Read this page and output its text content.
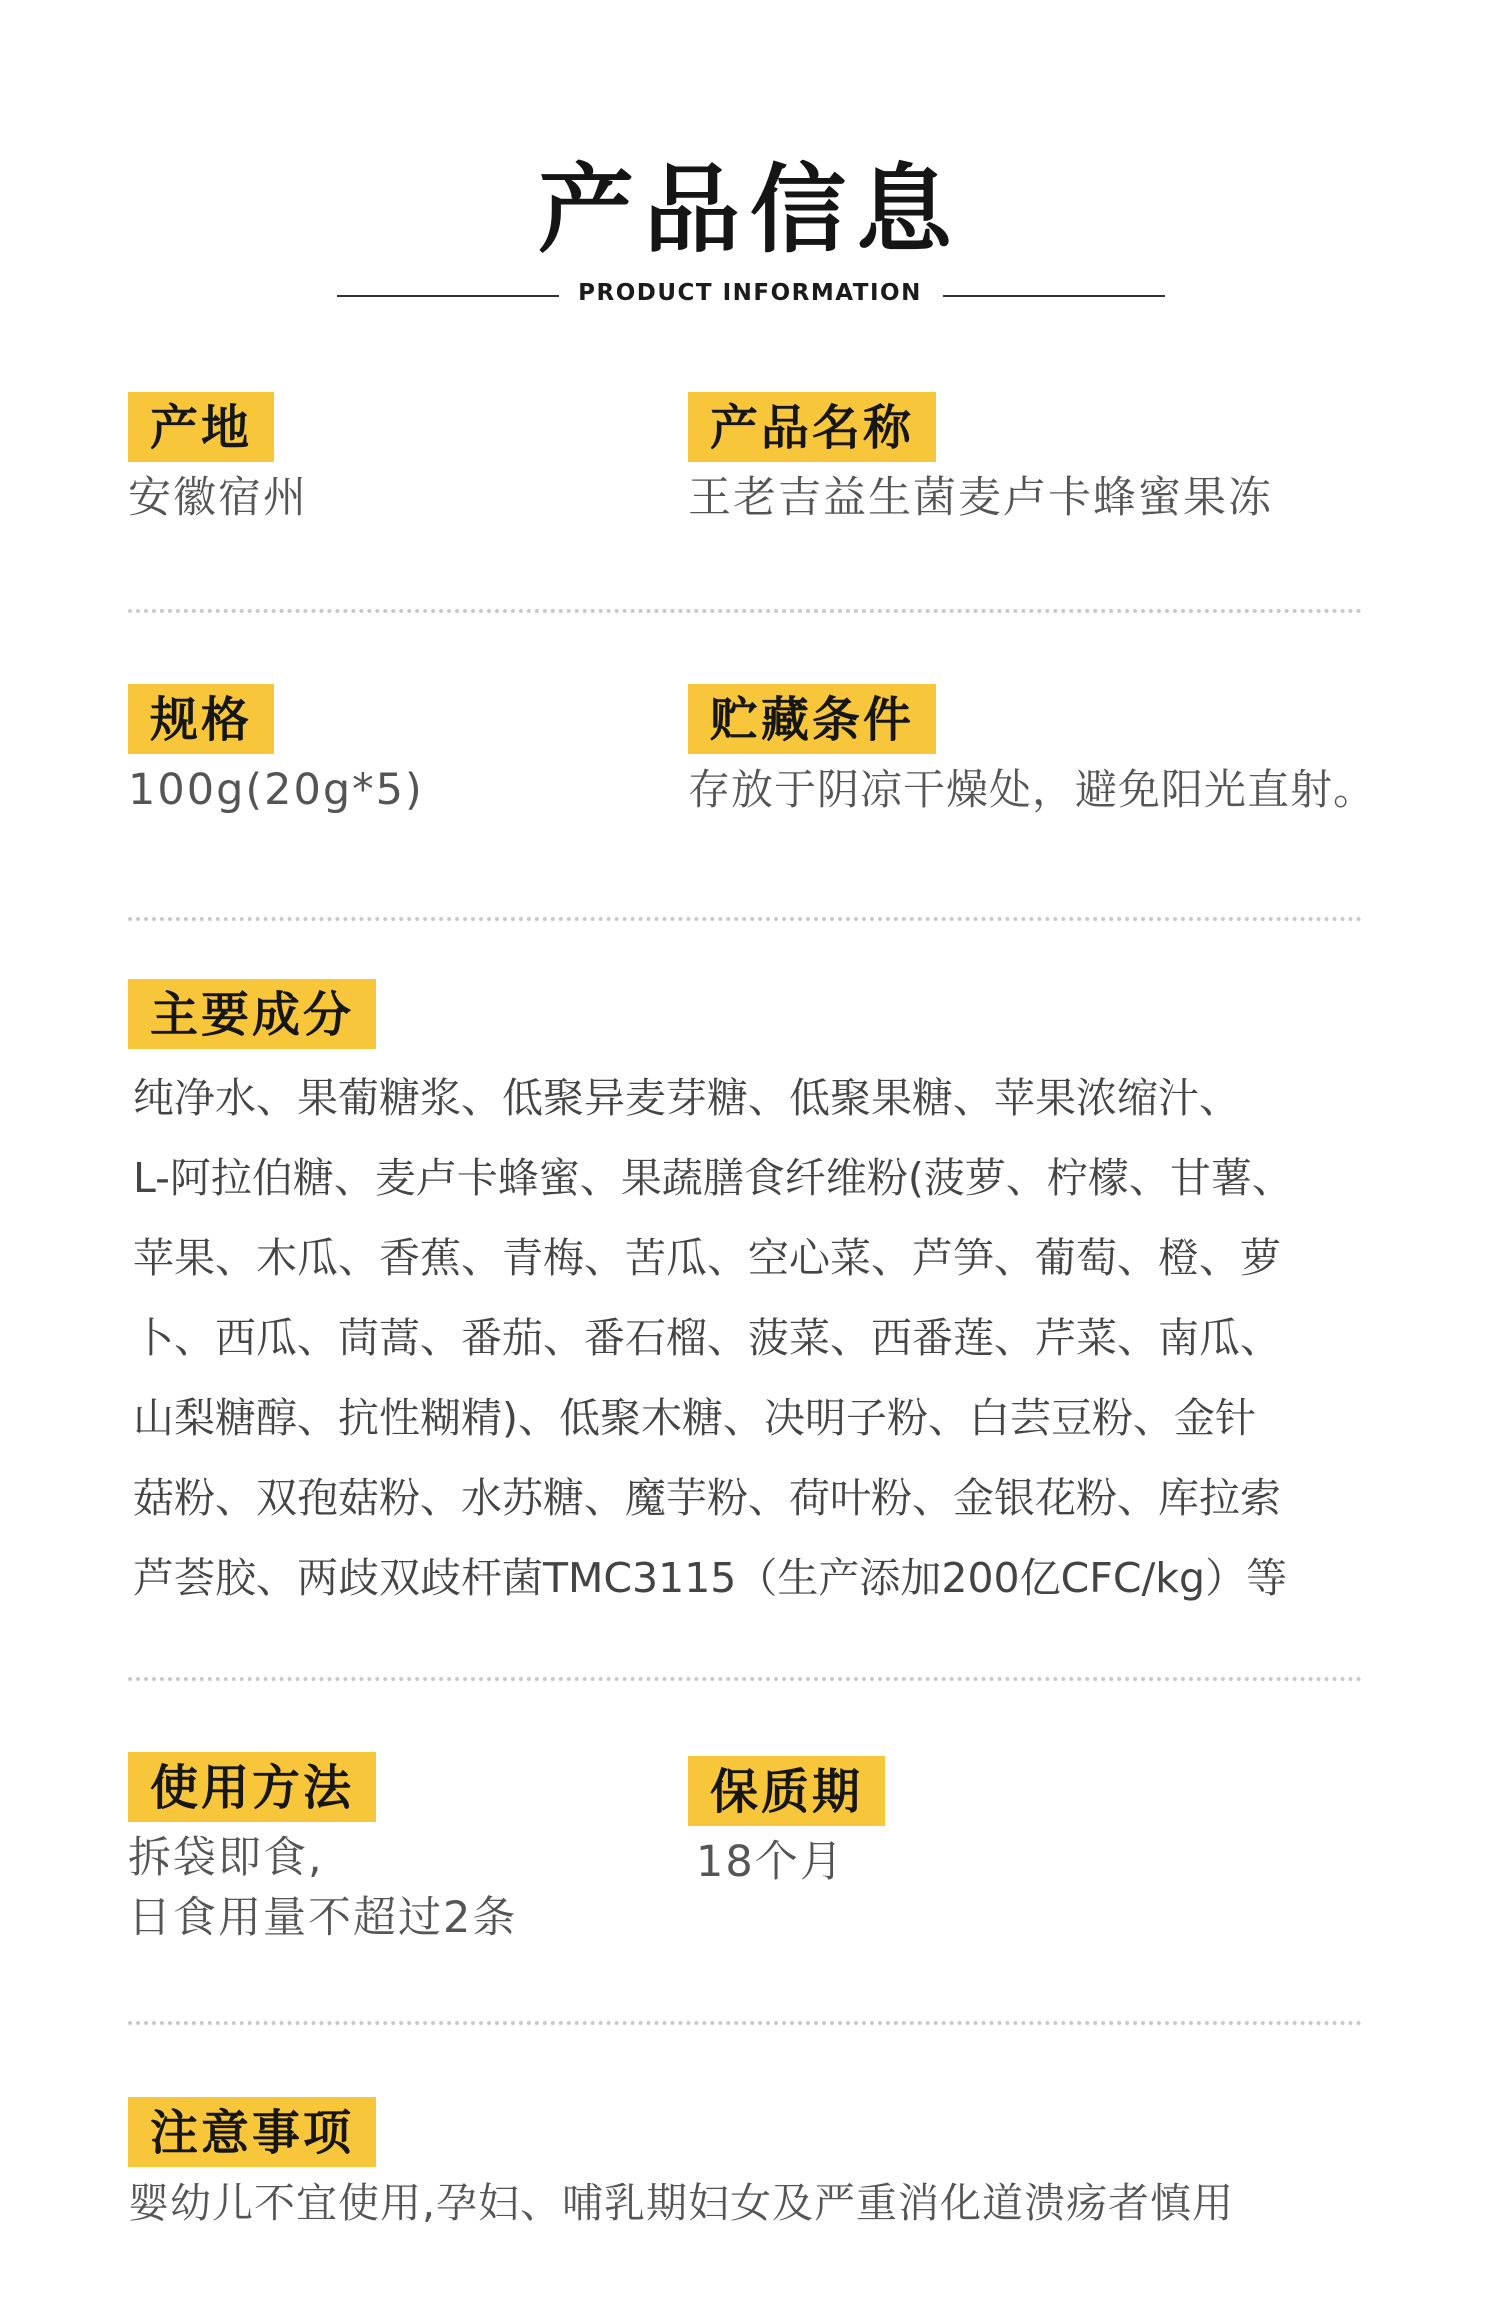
产品信息
PRODUCT INFORMATION
产地
安徽宿州
产品名称
王老吉益生菌麦卢卡蜂蜜果冻
规格
100g(20g*5)
贮藏条件
存放于阴凉干燥处，避免阳光直射。
主要成分
纯净水、果葡糖浆、低聚异麦芽糖、低聚果糖、苹果浓缩汁、
L-阿拉伯糖、麦卢卡蜂蜜、果蔬膳食纤维粉(菠萝、柠檬、甘薯、
苹果、木瓜、香蕉、青梅、苦瓜、空心菜、芦笋、葡萄、橙、萝
卜、西瓜、茼蒿、番茄、番石榴、菠菜、西番莲、芹菜、南瓜、
山梨糖醇、抗性糊精)、低聚木糖、决明子粉、白芸豆粉、金针
菇粉、双孢菇粉、水苏糖、魔芋粉、荷叶粉、金银花粉、库拉索
芦荟胶、两歧双歧杆菌TMC3115（生产添加200亿CFC/kg）等
使用方法
拆袋即食,
日食用量不超过2条
保质期
18个月
注意事项
婴幼儿不宜使用,孕妇、哺乳期妇女及严重消化道溃疡者慎用
